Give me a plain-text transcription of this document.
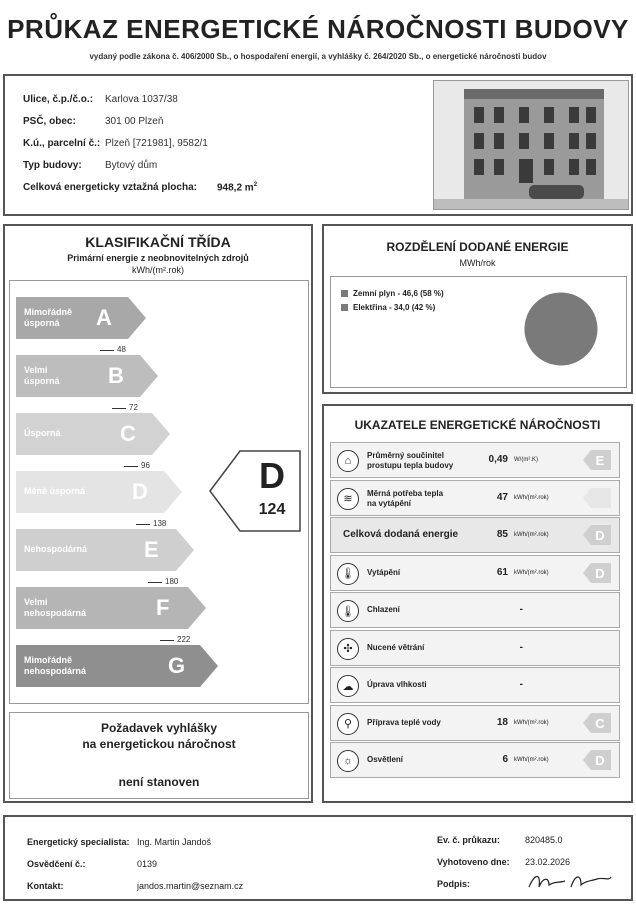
PRŮKAZ ENERGETICKÉ NÁROČNOSTI BUDOVY
vydaný podle zákona č. 406/2000 Sb., o hospodaření energií, a vyhlášky č. 264/2020 Sb., o energetické náročnosti budov
Ulice, č.p./č.o.: Karlova 1037/38
PSČ, obec:	301 00 Plzeň
K.ú., parcelní č.: Plzeň [721981], 9582/1
Typ budovy: Bytový dům
Celková energeticky vztažná plocha: 948,2 $m^2$
KLASIFIKAČNÍ TŘÍDA
Primární energie z neobnovitelných zdrojů
kWh/(m².rok)
A
Mimořádně
úsporná
B
Velmi
úsporná
C
Úsporná
D
Méně úsporná
E
Nehospodárná
F
Velmi
nehospodárná
G
Mimořádně
nehospodárná
48
72
96
138
180
222
D
124
Požadavek vyhlášky
na energetickou náročnost
není stanoven
ROZDĚLENÍ DODANÉ ENERGIE
MWh/rok
Zemní plyn - 46,6 (58 %)
Elektřina - 34,0 (42 %)
UKAZATELE ENERGETICKÉ NÁROČNOSTI
⌂	Průměrný součinitel
prostupu tepla budovy
0,49 W/(m².K)	E
≋	Měrná potřeba tepla
na vytápění
47 kWh/(m².rok)
Celková dodaná energie	85 kWh/(m².rok)	D
🌡	Vytápění	61 kWh/(m².rok)	D
🌡	Chlazení	-
✣	Nucené větrání	-
☁	Úprava vlhkosti	-
⚲	Příprava teplé vody	18 kWh/(m².rok)	C
☼	Osvětlení	6 kWh/(m².rok)	D
Energetický specialista: Ing. Martin Jandoš
Osvědčení č.:	0139
Kontakt:	jandos.martin@seznam.cz
Ev. č. průkazu:	820485.0
Vyhotoveno dne: 23.02.2026
Podpis:
